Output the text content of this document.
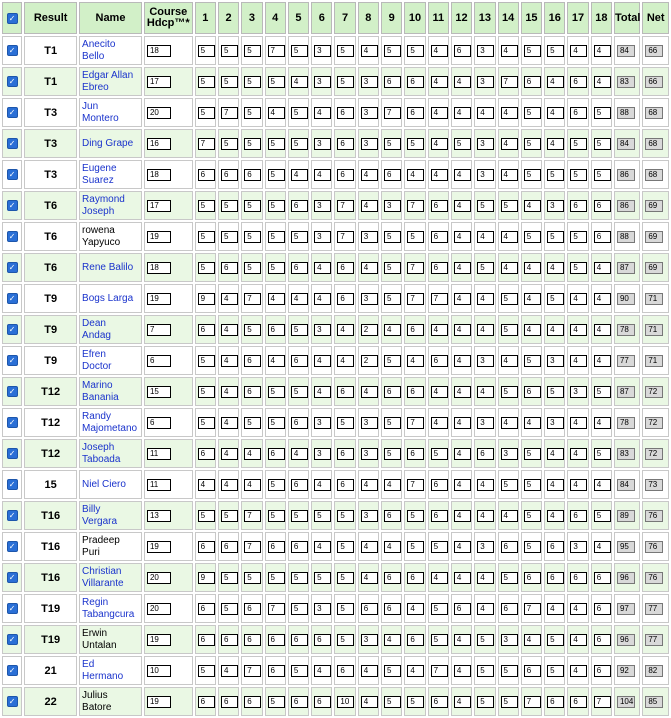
✓	Result	Name	Course
Hdcp™*	1	2	3	4	5	6	7	8	9	10	11	12	13	14	15	16	17	18	Total	Net
✓	T1	Anecito
Bello	18	5	5	5	7	5	3	5	4	5	5	4	6	3	4	5	5	4	4	84	66
✓	T1	Edgar Allan
Ebreo	17	5	5	5	5	4	3	5	3	6	6	4	4	3	7	6	4	6	4	83	66
✓	T3	Jun
Montero	20	5	7	5	4	5	4	6	3	7	6	4	4	4	4	5	4	6	5	88	68
✓	T3	Ding Grape	16	7	5	5	5	5	3	6	3	5	5	4	5	3	4	5	4	5	5	84	68
✓	T3	Eugene
Suarez	18	6	6	6	5	4	4	6	4	6	4	4	4	3	4	5	5	5	5	86	68
✓	T6	Raymond
Joseph	17	5	5	5	5	6	3	7	4	3	7	6	4	5	5	4	3	6	6	86	69
✓	T6	rowena
Yapyuco	19	5	5	5	5	5	3	7	3	5	5	6	4	4	4	5	5	5	6	88	69
✓	T6	Rene Balilo	18	5	6	5	5	6	4	6	4	5	7	6	4	5	4	4	4	5	4	87	69
✓	T9	Bogs Larga	19	9	4	7	4	4	4	6	3	5	7	7	4	4	5	4	5	4	4	90	71
✓	T9	Dean
Andag	7	6	4	5	6	5	3	4	2	4	6	4	4	4	5	4	4	4	4	78	71
✓	T9	Efren
Doctor	6	5	4	6	4	6	4	4	2	5	4	6	4	3	4	5	3	4	4	77	71
✓	T12	Marino
Banania	15	5	4	6	5	5	4	6	4	6	6	4	4	4	5	6	5	3	5	87	72
✓	T12	Randy
Majometano	6	5	4	5	5	6	3	5	3	5	7	4	4	3	4	4	3	4	4	78	72
✓	T12	Joseph
Taboada	11	6	4	4	6	4	3	6	3	5	6	5	4	6	3	5	4	4	5	83	72
✓	15	Niel Ciero	11	4	4	4	5	6	4	6	4	4	7	6	4	4	5	5	4	4	4	84	73
✓	T16	Billy
Vergara	13	5	5	7	5	5	5	5	3	6	5	6	4	4	4	5	4	6	5	89	76
✓	T16	Pradeep
Puri	19	6	6	7	6	6	4	5	4	4	5	5	4	3	6	5	6	3	4	95	76
✓	T16	Christian
Villarante	20	9	5	5	5	5	5	5	4	6	6	4	4	4	5	6	6	6	6	96	76
✓	T19	Regin
Tabangcura	20	6	5	6	7	5	3	5	6	6	4	5	6	4	6	7	4	4	6	97	77
✓	T19	Erwin
Untalan	19	6	6	6	6	6	6	5	3	4	6	5	4	5	3	4	5	4	6	96	77
✓	21	Ed
Hermano	10	5	4	7	6	5	4	6	4	5	4	7	4	5	5	6	5	4	6	92	82
✓	22	Julius
Batore	19	6	6	6	5	6	6	10	4	5	5	6	4	5	5	7	6	6	7	104	85
